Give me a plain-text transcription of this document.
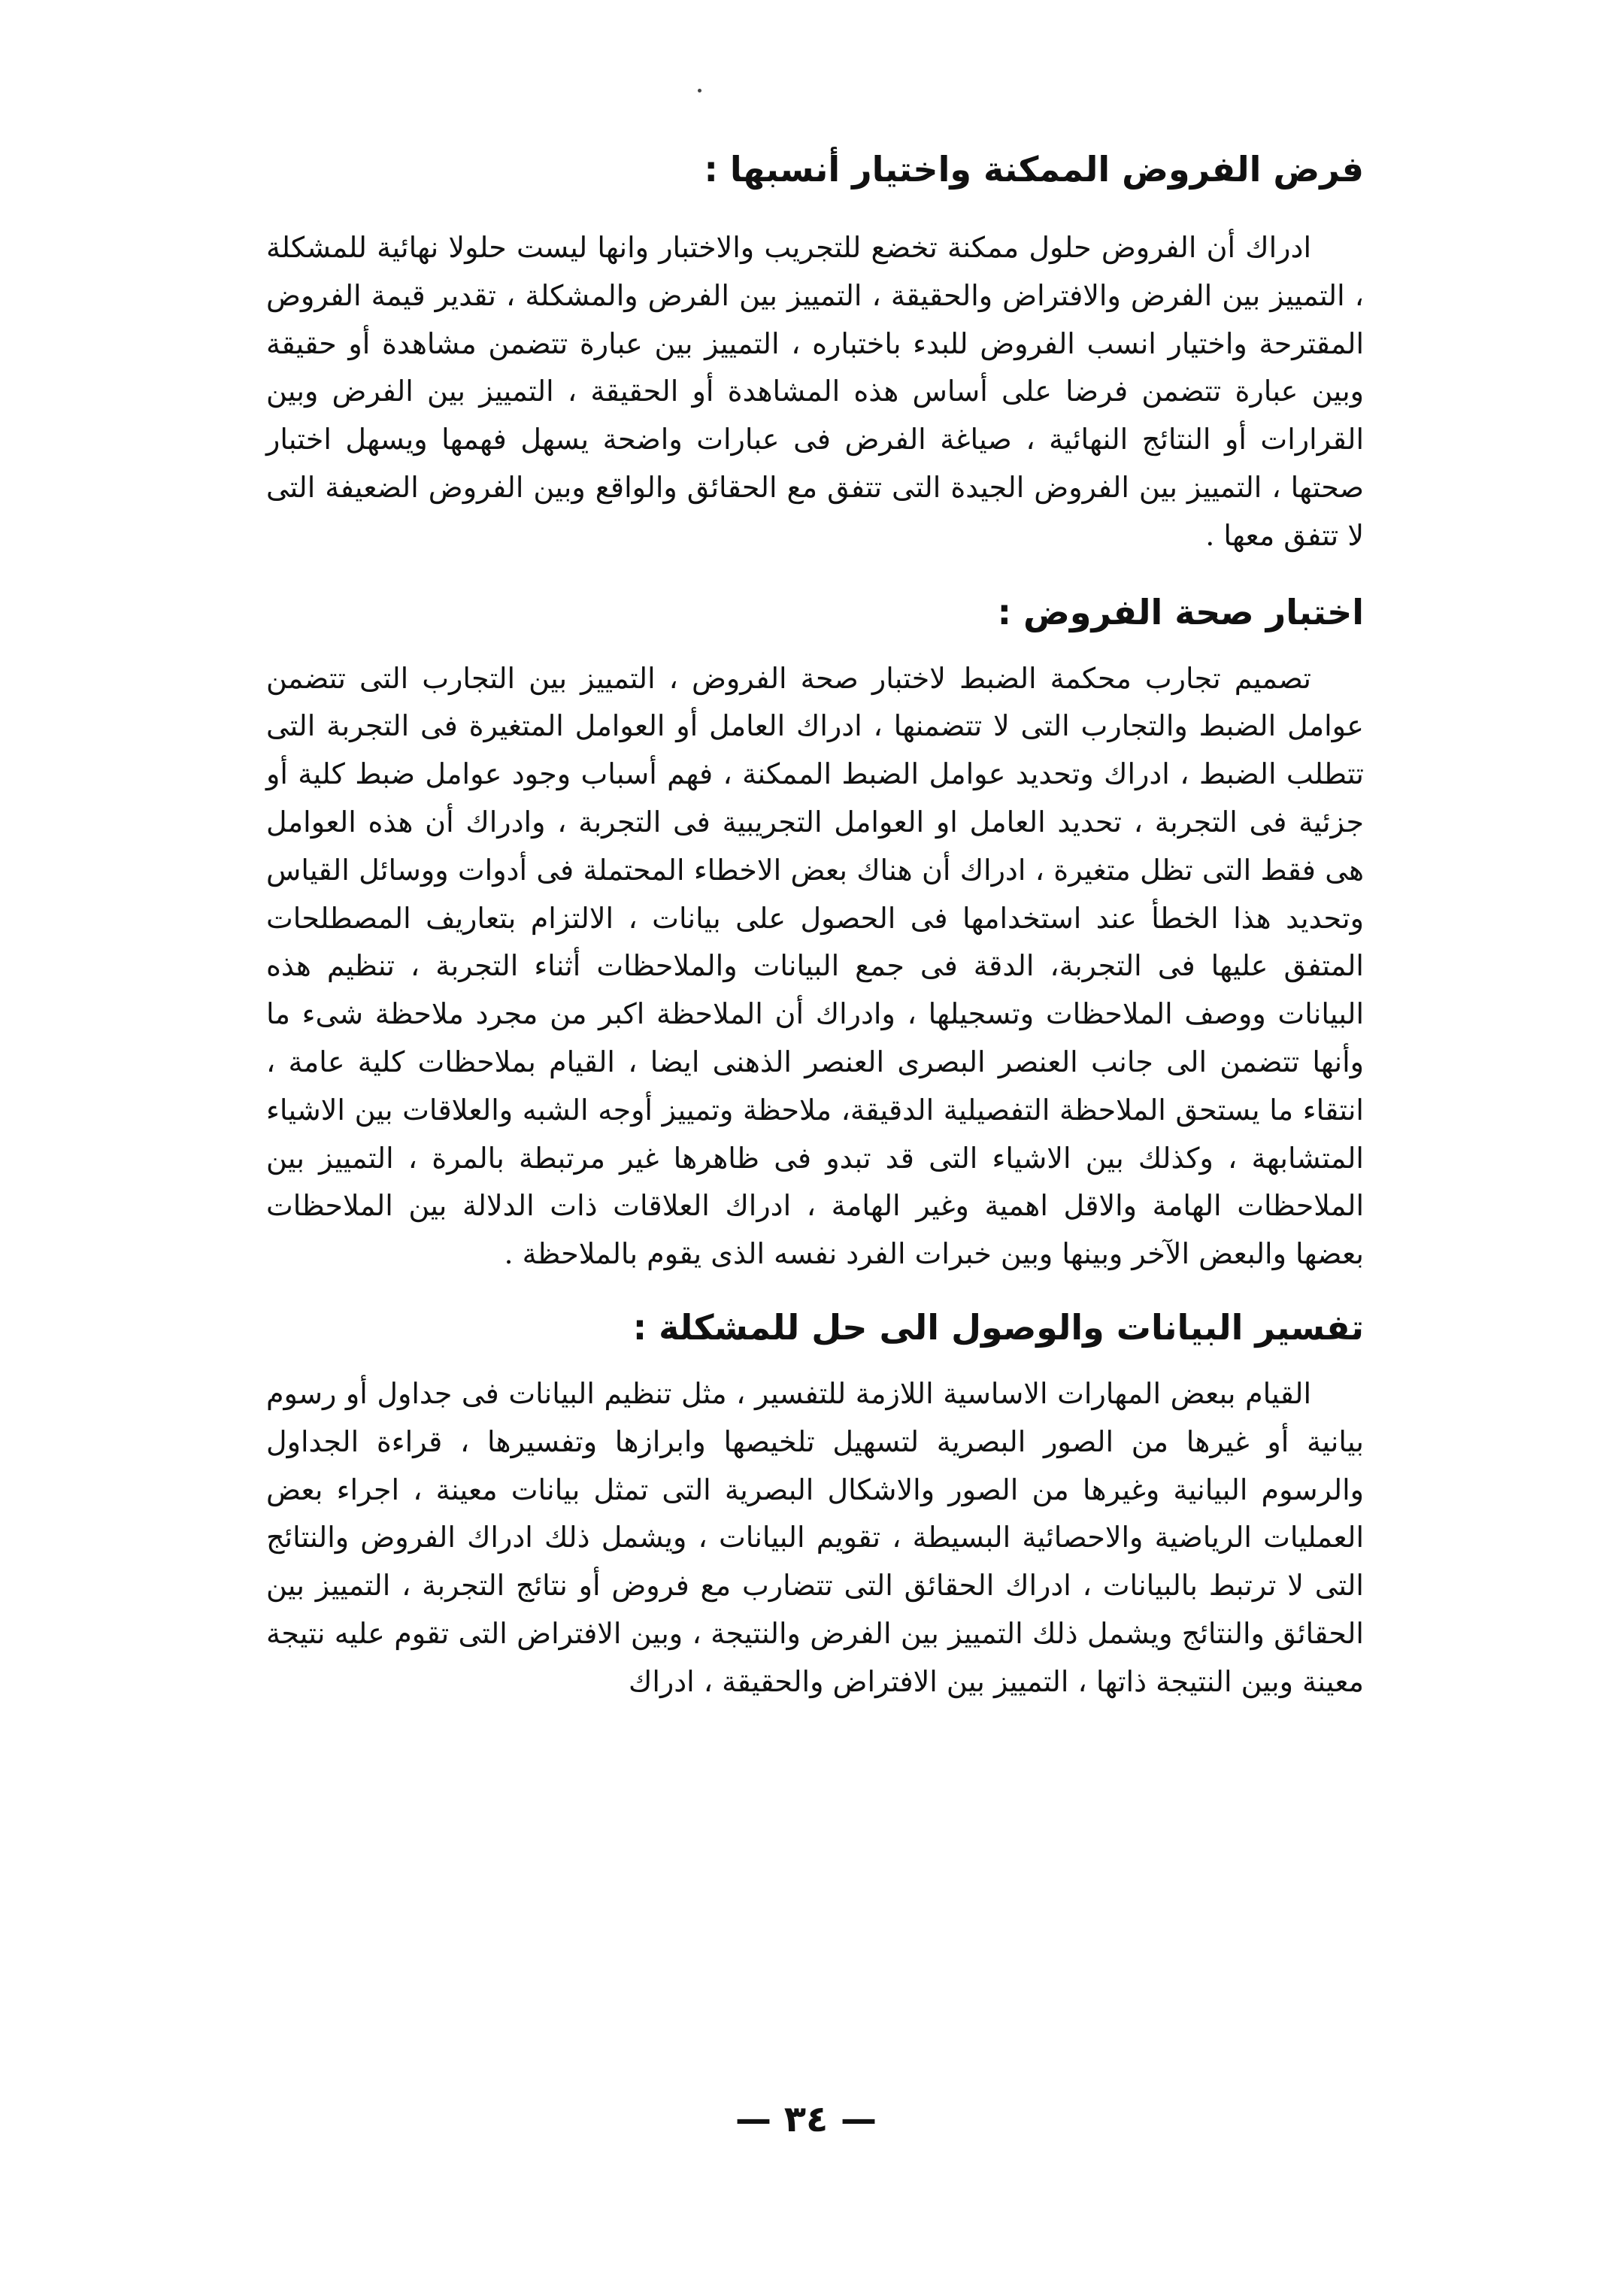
فرض الفروض الممكنة واختيار أنسبها :

ادراك أن الفروض حلول ممكنة تخضع للتجريب والاختبار وانها ليست حلولا نهائية للمشكلة ، التمييز بين الفرض والافتراض والحقيقة ، التمييز بين الفرض والمشكلة ، تقدير قيمة الفروض المقترحة واختيار انسب الفروض للبدء باختباره ، التمييز بين عبارة تتضمن مشاهدة أو حقيقة وبين عبارة تتضمن فرضا على أساس هذه المشاهدة أو الحقيقة ، التمييز بين الفرض وبين القرارات أو النتائج النهائية ، صياغة الفرض فى عبارات واضحة يسهل فهمها ويسهل اختبار صحتها ، التمييز بين الفروض الجيدة التى تتفق مع الحقائق والواقع وبين الفروض الضعيفة التى لا تتفق معها .

اختبار صحة الفروض :

تصميم تجارب محكمة الضبط لاختبار صحة الفروض ، التمييز بين التجارب التى تتضمن عوامل الضبط والتجارب التى لا تتضمنها ، ادراك العامل أو العوامل المتغيرة فى التجربة التى تتطلب الضبط ، ادراك وتحديد عوامل الضبط الممكنة ، فهم أسباب وجود عوامل ضبط كلية أو جزئية فى التجربة ، تحديد العامل او العوامل التجريبية فى التجربة ، وادراك أن هذه العوامل هى فقط التى تظل متغيرة ، ادراك أن هناك بعض الاخطاء المحتملة فى أدوات ووسائل القياس وتحديد هذا الخطأ عند استخدامها فى الحصول على بيانات ، الالتزام بتعاريف المصطلحات المتفق عليها فى التجربة، الدقة فى جمع البيانات والملاحظات أثناء التجربة ، تنظيم هذه البيانات ووصف الملاحظات وتسجيلها ، وادراك أن الملاحظة اكبر من مجرد ملاحظة شىء ما وأنها تتضمن الى جانب العنصر البصرى العنصر الذهنى ايضا ، القيام بملاحظات كلية عامة ، انتقاء ما يستحق الملاحظة التفصيلية الدقيقة، ملاحظة وتمييز أوجه الشبه والعلاقات بين الاشياء المتشابهة ، وكذلك بين الاشياء التى قد تبدو فى ظاهرها غير مرتبطة بالمرة ، التمييز بين الملاحظات الهامة والاقل اهمية وغير الهامة ، ادراك العلاقات ذات الدلالة بين الملاحظات بعضها والبعض الآخر وبينها وبين خبرات الفرد نفسه الذى يقوم بالملاحظة .

تفسير البيانات والوصول الى حل للمشكلة :

القيام ببعض المهارات الاساسية اللازمة للتفسير ، مثل تنظيم البيانات فى جداول أو رسوم بيانية أو غيرها من الصور البصرية لتسهيل تلخيصها وابرازها وتفسيرها ، قراءة الجداول والرسوم البيانية وغيرها من الصور والاشكال البصرية التى تمثل بيانات معينة ، اجراء بعض العمليات الرياضية والاحصائية البسيطة ، تقويم البيانات ، ويشمل ذلك ادراك الفروض والنتائج التى لا ترتبط بالبيانات ، ادراك الحقائق التى تتضارب مع فروض أو نتائج التجربة ، التمييز بين الحقائق والنتائج ويشمل ذلك التمييز بين الفرض والنتيجة ، وبين الافتراض التى تقوم عليه نتيجة معينة وبين النتيجة ذاتها ، التمييز بين الافتراض والحقيقة ، ادراك

— ٣٤ —
